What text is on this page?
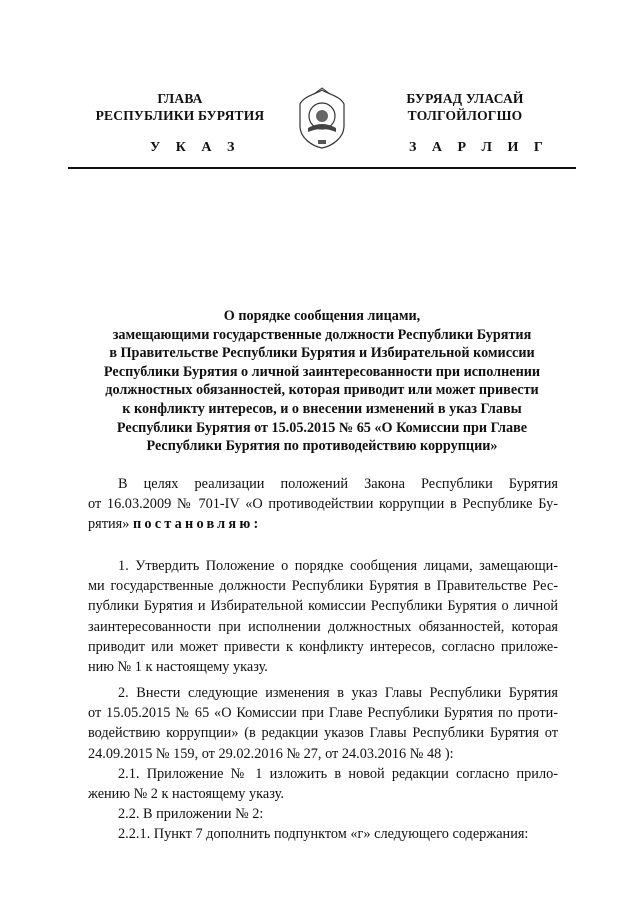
ГЛАВА
РЕСПУБЛИКИ БУРЯТИЯ
БУРЯАД УЛАСАЙ
ТОЛГОЙЛОГШО
У К А З	З А Р Л И Г
О порядке сообщения лицами,
замещающими государственные должности Республики Бурятия
в Правительстве Республики Бурятия и Избирательной комиссии
Республики Бурятия о личной заинтересованности при исполнении
должностных обязанностей, которая приводит или может привести
к конфликту интересов, и о внесении изменений в указ Главы
Республики Бурятия от 15.05.2015 № 65 «О Комиссии при Главе
Республики Бурятия по противодействию коррупции»
В целях реализации положений Закона Республики Бурятия
от 16.03.2009 № 701-IV «О противодействии коррупции в Республике Бу-
рятия» постановляю:
1. Утвердить Положение о порядке сообщения лицами, замещающи-
ми государственные должности Республики Бурятия в Правительстве Рес-
публики Бурятия и Избирательной комиссии Республики Бурятия о личной
заинтересованности при исполнении должностных обязанностей, которая
приводит или может привести к конфликту интересов, согласно приложе-
нию № 1 к настоящему указу.
2. Внести следующие изменения в указ Главы Республики Бурятия
от 15.05.2015 № 65 «О Комиссии при Главе Республики Бурятия по проти-
водействию коррупции» (в редакции указов Главы Республики Бурятия от
24.09.2015 № 159, от 29.02.2016 № 27, от 24.03.2016 № 48 ):
2.1. Приложение № 1 изложить в новой редакции согласно прило-
жению № 2 к настоящему указу.
2.2. В приложении № 2:
2.2.1. Пункт 7 дополнить подпунктом «г» следующего содержания:
